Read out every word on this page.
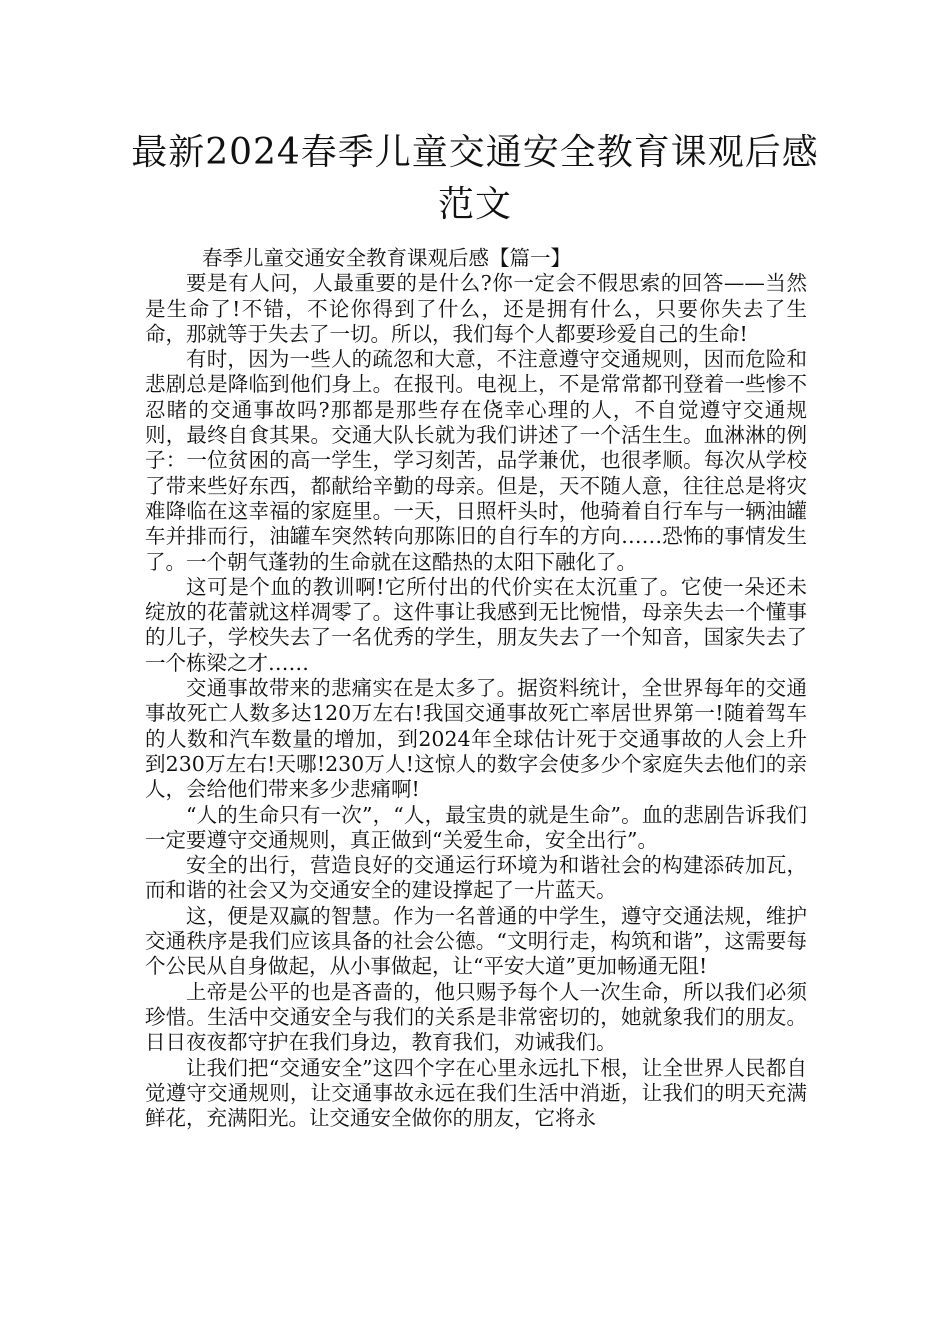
最新2024春季儿童交通安全教育课观后感
范文
春季儿童交通安全教育课观后感【篇一】

要是有人问，人最重要的是什么?你一定会不假思索的回答——当然是生命了!不错，不论你得到了什么，还是拥有什么，只要你失去了生命，那就等于失去了一切。所以，我们每个人都要珍爱自己的生命!

有时，因为一些人的疏忽和大意，不注意遵守交通规则，因而危险和悲剧总是降临到他们身上。在报刊。电视上，不是常常都刊登着一些惨不忍睹的交通事故吗?那都是那些存在侥幸心理的人，不自觉遵守交通规则，最终自食其果。交通大队长就为我们讲述了一个活生生。血淋淋的例子：一位贫困的高一学生，学习刻苦，品学兼优，也很孝顺。每次从学校了带来些好东西，都献给辛勤的母亲。但是，天不随人意，往往总是将灾难降临在这幸福的家庭里。一天，日照杆头时，他骑着自行车与一辆油罐车并排而行，油罐车突然转向那陈旧的自行车的方向……恐怖的事情发生了。一个朝气蓬勃的生命就在这酷热的太阳下融化了。

这可是个血的教训啊!它所付出的代价实在太沉重了。它使一朵还未绽放的花蕾就这样凋零了。这件事让我感到无比惋惜，母亲失去一个懂事的儿子，学校失去了一名优秀的学生，朋友失去了一个知音，国家失去了一个栋梁之才……

交通事故带来的悲痛实在是太多了。据资料统计，全世界每年的交通事故死亡人数多达120万左右!我国交通事故死亡率居世界第一!随着驾车的人数和汽车数量的增加，到2024年全球估计死于交通事故的人会上升到230万左右!天哪!230万人!这惊人的数字会使多少个家庭失去他们的亲人，会给他们带来多少悲痛啊!

“人的生命只有一次”，“人，最宝贵的就是生命”。血的悲剧告诉我们一定要遵守交通规则，真正做到“关爱生命，安全出行”。

安全的出行，营造良好的交通运行环境为和谐社会的构建添砖加瓦，而和谐的社会又为交通安全的建设撑起了一片蓝天。

这，便是双赢的智慧。作为一名普通的中学生，遵守交通法规，维护交通秩序是我们应该具备的社会公德。“文明行走，构筑和谐”，这需要每个公民从自身做起，从小事做起，让“平安大道”更加畅通无阻!

上帝是公平的也是吝啬的，他只赐予每个人一次生命，所以我们必须珍惜。生活中交通安全与我们的关系是非常密切的，她就象我们的朋友。日日夜夜都守护在我们身边，教育我们，劝诫我们。

让我们把“交通安全”这四个字在心里永远扎下根，让全世界人民都自觉遵守交通规则，让交通事故永远在我们生活中消逝，让我们的明天充满鲜花，充满阳光。让交通安全做你的朋友，它将永
